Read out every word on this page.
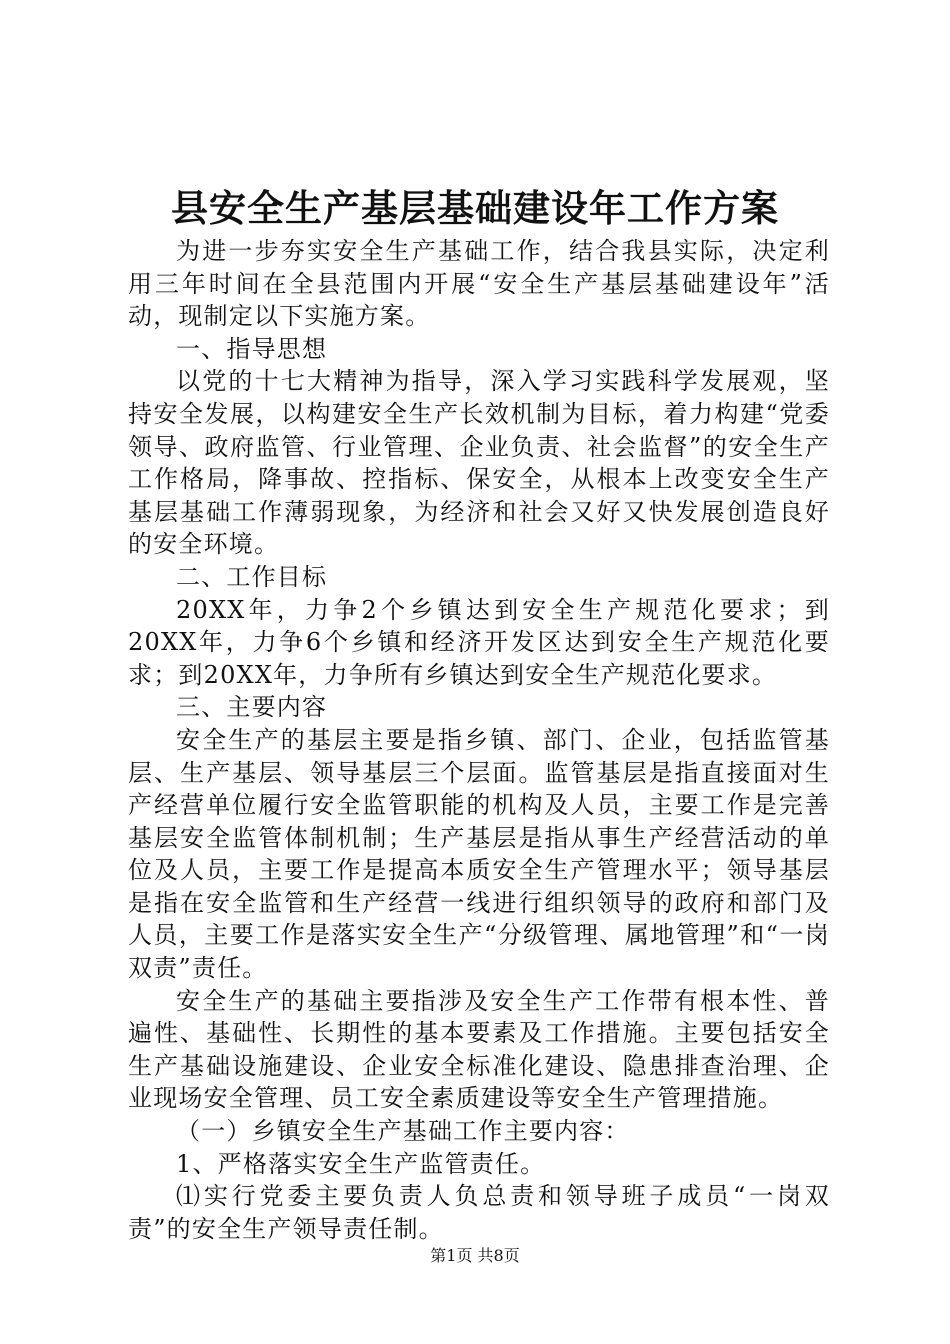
县安全生产基层基础建设年工作方案

为进一步夯实安全生产基础工作，结合我县实际，决定利用三年时间在全县范围内开展“安全生产基层基础建设年”活动，现制定以下实施方案。

一、指导思想

以党的十七大精神为指导，深入学习实践科学发展观，坚持安全发展，以构建安全生产长效机制为目标，着力构建“党委领导、政府监管、行业管理、企业负责、社会监督”的安全生产工作格局，降事故、控指标、保安全，从根本上改变安全生产基层基础工作薄弱现象，为经济和社会又好又快发展创造良好的安全环境。

二、工作目标

20XX年，力争2个乡镇达到安全生产规范化要求；到20XX年，力争6个乡镇和经济开发区达到安全生产规范化要求；到20XX年，力争所有乡镇达到安全生产规范化要求。

三、主要内容

安全生产的基层主要是指乡镇、部门、企业，包括监管基层、生产基层、领导基层三个层面。监管基层是指直接面对生产经营单位履行安全监管职能的机构及人员，主要工作是完善基层安全监管体制机制；生产基层是指从事生产经营活动的单位及人员，主要工作是提高本质安全生产管理水平；领导基层是指在安全监管和生产经营一线进行组织领导的政府和部门及人员，主要工作是落实安全生产“分级管理、属地管理”和“一岗双责”责任。

安全生产的基础主要指涉及安全生产工作带有根本性、普遍性、基础性、长期性的基本要素及工作措施。主要包括安全生产基础设施建设、企业安全标准化建设、隐患排查治理、企业现场安全管理、员工安全素质建设等安全生产管理措施。

（一）乡镇安全生产基础工作主要内容：

1、严格落实安全生产监管责任。

⑴实行党委主要负责人负总责和领导班子成员“一岗双责”的安全生产领导责任制。

第1页 共8页
